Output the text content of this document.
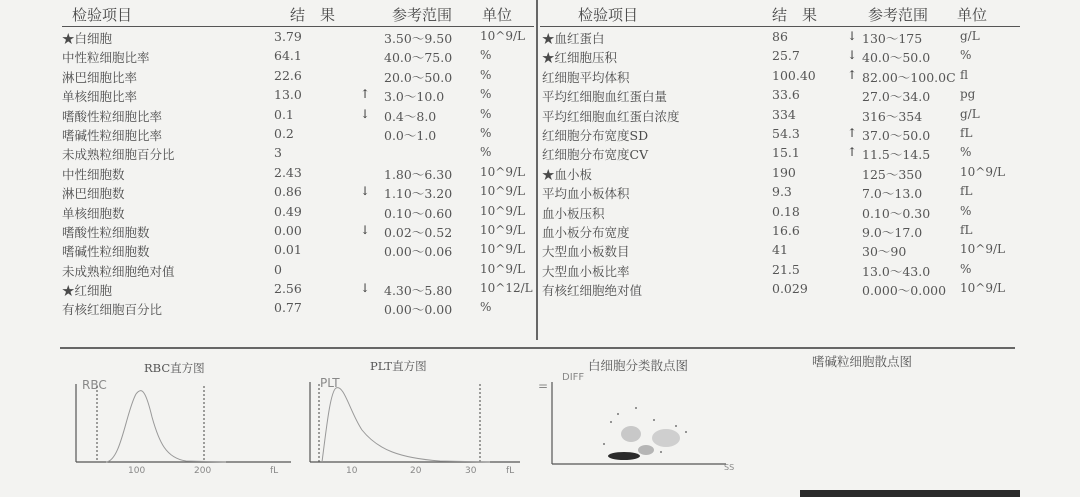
检验项目	结　果	参考范围 单位
★白细胞	3.79	3.50～9.50 10^9/L
中性粒细胞比率	64.1	40.0～75.0 %
淋巴细胞比率	22.6	20.0～50.0 %
单核细胞比率	13.0	↑ 3.0～10.0	%
嗜酸性粒细胞比率	0.1	↓ 0.4～8.0	%
嗜碱性粒细胞比率	0.2	0.0～1.0	%
未成熟粒细胞百分比	3	%
中性细胞数	2.43	1.80～6.30 10^9/L
淋巴细胞数	0.86	↓ 1.10～3.20 10^9/L
单核细胞数	0.49	0.10～0.60 10^9/L
嗜酸性粒细胞数	0.00	↓ 0.02～0.52 10^9/L
嗜碱性粒细胞数	0.01	0.00～0.06 10^9/L
未成熟粒细胞绝对值	0	10^9/L
★红细胞	2.56	↓ 4.30～5.80 10^12/L
有核红细胞百分比	0.77	0.00～0.00 %
检验项目	结　果	参考范围 单位
★血红蛋白	86	↓ 130～175	g/L
★红细胞压积	25.7	↓ 40.0～50.0 %
红细胞平均体积	100.40	↑ 82.00～100.0C fl
平均红细胞血红蛋白量	33.6	27.0～34.0 pg
平均红细胞血红蛋白浓度	334	316～354	g/L
红细胞分布宽度SD	54.3	↑ 37.0～50.0 fL
红细胞分布宽度CV	15.1	↑ 11.5～14.5 %
★血小板	190	125～350	10^9/L
平均血小板体积	9.3	7.0～13.0	fL
血小板压积	0.18	0.10～0.30 %
血小板分布宽度	16.6	9.0～17.0	fL
大型血小板数目	41	30～90	10^9/L
大型血小板比率	21.5	13.0～43.0 %
有核红细胞绝对值	0.029	0.000～0.000 10^9/L
RBC直方图	PLT直方图	白细胞分类散点图	嗜碱粒细胞散点图
RBC
100	200	fL
PLT
10	20	30	fL
=
DIFF
SS
